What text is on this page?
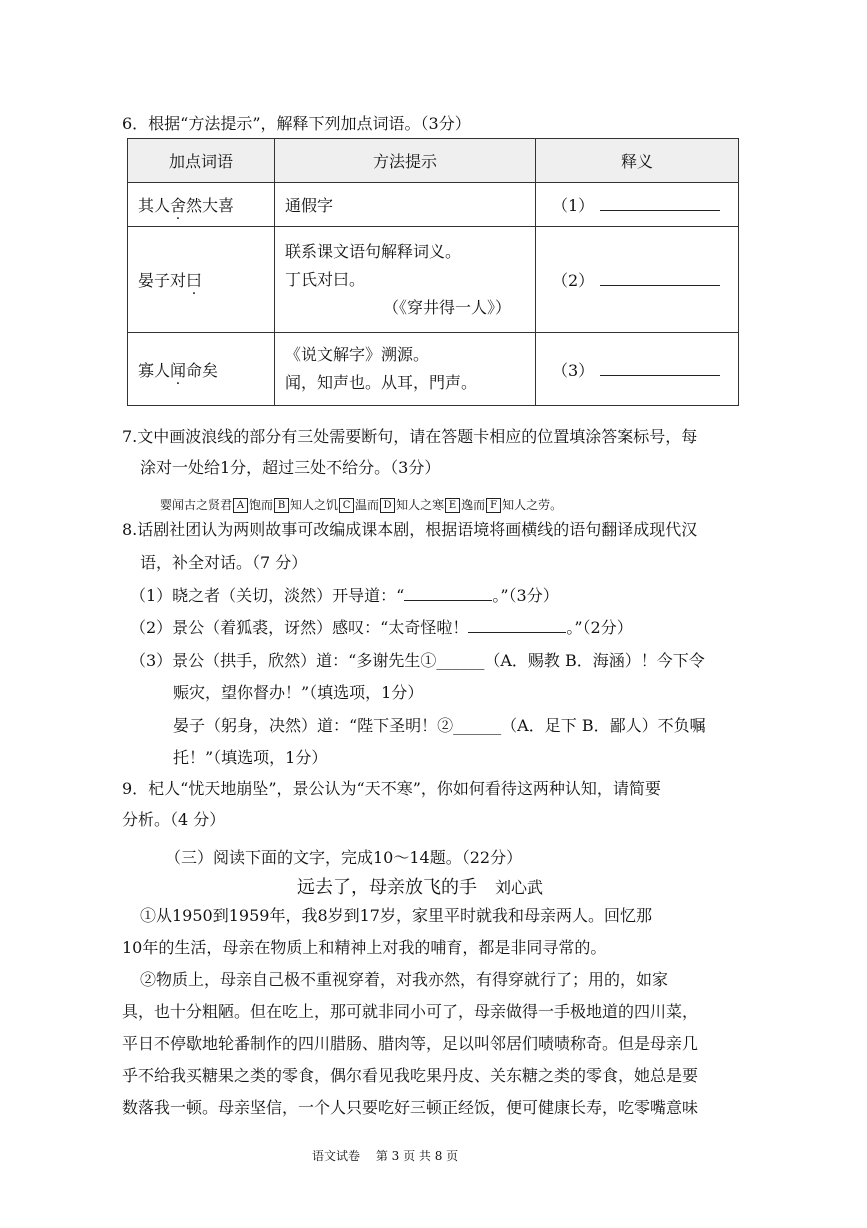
6．根据“方法提示”，解释下列加点词语。（3分）
加点词语	方法提示	释义
其人舍然大喜	通假字	（1）
晏子对曰	联系课文语句解释词义。
丁氏对曰。
（《穿井得一人》）	（2）
寡人闻命矣	《说文解字》溯源。
闻，知声也。从耳，門声。	（3）
7.文中画波浪线的部分有三处需要断句，请在答题卡相应的位置填涂答案标号，每
涂对一处给1分，超过三处不给分。（3分）
婴闻古之贤君 A 饱而 B 知人之饥 C 温而 D 知人之寒 E 逸而 F 知人之劳。
8.话剧社团认为两则故事可改编成课本剧，根据语境将画横线的语句翻译成现代汉
语，补全对话。（7 分）
（1）晓之者（关切，淡然）开导道：“	。”（3分）
（2）景公（着狐裘，讶然）感叹：“太奇怪啦！	。”（2分）
（3）景公（拱手，欣然）道：“多谢先生①______（A．赐教 B．海涵）！今下令
赈灾，望你督办！”（填选项，1分）
晏子（躬身，决然）道：“陛下圣明！②______（A．足下 B．鄙人）不负嘱
托！”（填选项，1分）
9．杞人“忧天地崩坠”，景公认为“天不寒”，你如何看待这两种认知，请简要
分析。（4 分）
（三）阅读下面的文字，完成10～14题。（22分）
远去了，母亲放飞的手 刘心武
①从1950到1959年，我8岁到17岁，家里平时就我和母亲两人。回忆那
10年的生活，母亲在物质上和精神上对我的哺育，都是非同寻常的。
②物质上，母亲自己极不重视穿着，对我亦然，有得穿就行了；用的，如家
具，也十分粗陋。但在吃上，那可就非同小可了，母亲做得一手极地道的四川菜，
平日不停歇地轮番制作的四川腊肠、腊肉等，足以叫邻居们啧啧称奇。但是母亲几
乎不给我买糖果之类的零食，偶尔看见我吃果丹皮、关东糖之类的零食，她总是要
数落我一顿。母亲坚信，一个人只要吃好三顿正经饭，便可健康长寿，吃零嘴意味
语文试卷　 第 3 页 共 8 页
